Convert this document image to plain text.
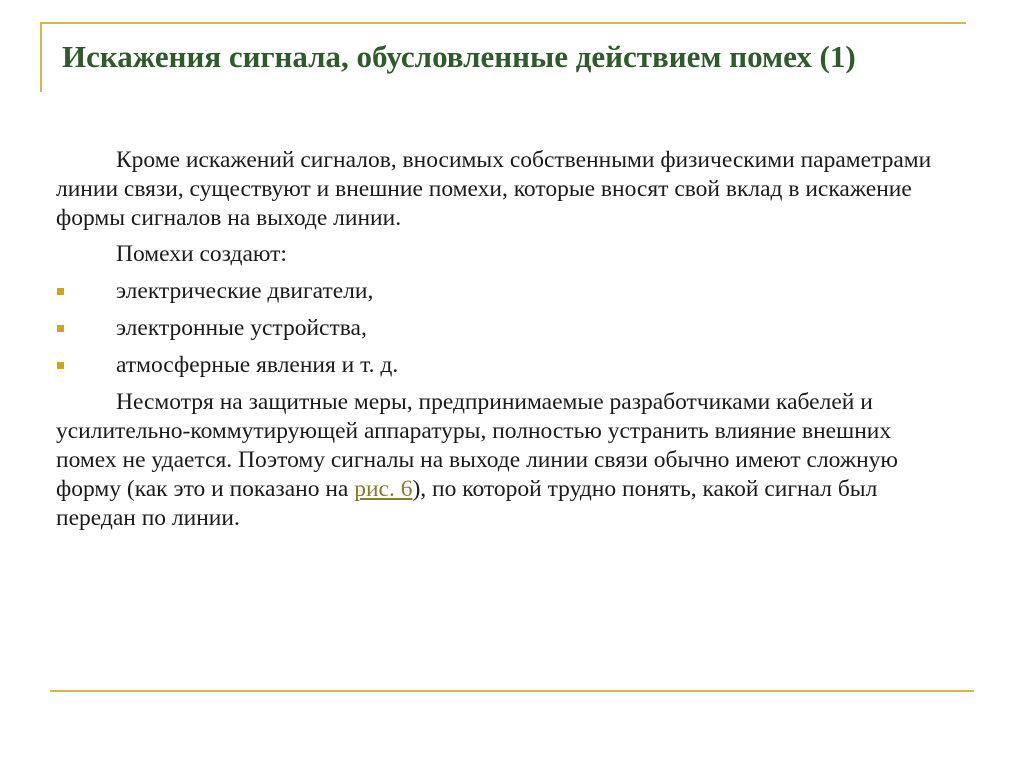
Искажения сигнала, обусловленные действием помех (1)

Кроме искажений сигналов, вносимых собственными физическими параметрами линии связи, существуют и внешние помехи, которые вносят свой вклад в искажение формы сигналов на выходе линии.

Помехи создают:

электрические двигатели,
электронные устройства,
атмосферные явления и т. д.

Несмотря на защитные меры, предпринимаемые разработчиками кабелей и усилительно-коммутирующей аппаратуры, полностью устранить влияние внешних помех не удается. Поэтому сигналы на выходе линии связи обычно имеют сложную форму (как это и показано на рис. 6), по которой трудно понять, какой сигнал был передан по линии.
